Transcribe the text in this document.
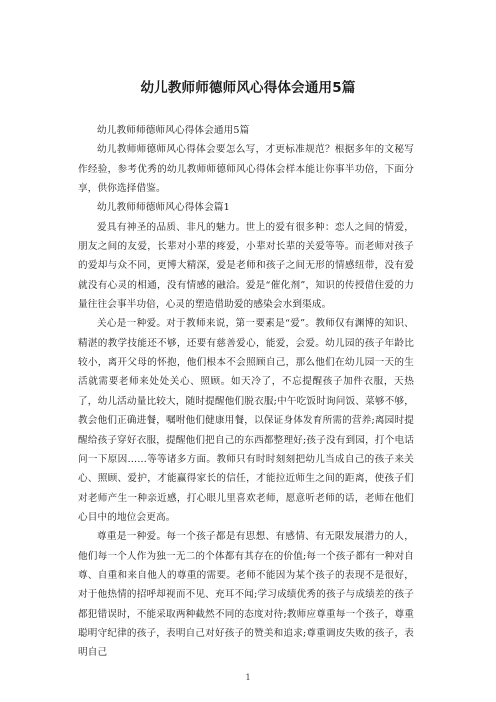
幼儿教师师德师风心得体会通用5篇

幼儿教师师德师风心得体会通用5篇

幼儿教师师德师风心得体会要怎么写，才更标准规范？根据多年的文秘写作经验，参考优秀的幼儿教师师德师风心得体会样本能让你事半功倍，下面分享，供你选择借鉴。

幼儿教师师德师风心得体会篇1

爱具有神圣的品质、非凡的魅力。世上的爱有很多种：恋人之间的情爱，朋友之间的友爱，长辈对小辈的疼爱，小辈对长辈的关爱等等。而老师对孩子的爱却与众不同，更博大精深，爱是老师和孩子之间无形的情感纽带，没有爱就没有心灵的相通，没有情感的融洽。爱是“催化剂”，知识的传授借住爱的力量往往会事半功倍，心灵的塑造借助爱的感染会水到渠成。

关心是一种爱。对于教师来说，第一要素是“爱”。教师仅有渊博的知识、精湛的教学技能还不够，还要有慈善爱心，能爱，会爱。幼儿园的孩子年龄比较小，离开父母的怀抱，他们根本不会照顾自己，那么他们在幼儿园一天的生活就需要老师来处处关心、照顾。如天冷了，不忘提醒孩子加件衣服，天热了，幼儿活动量比较大，随时提醒他们脱衣服;中午吃饭时询问饭、菜够不够，教会他们正确进餐，嘱咐他们健康用餐，以保证身体发育所需的营养;离园时提醒给孩子穿好衣服，提醒他们把自己的东西都整理好;孩子没有到园，打个电话问一下原因……等等诸多方面。教师只有时时刻刻把幼儿当成自己的孩子来关心、照顾、爱护，才能赢得家长的信任，才能拉近师生之间的距离，使孩子们对老师产生一种亲近感，打心眼儿里喜欢老师，愿意听老师的话，老师在他们心目中的地位会更高。

尊重是一种爱。每一个孩子都是有思想、有感情、有无限发展潜力的人，他们每一个人作为独一无二的个体都有其存在的价值;每一个孩子都有一种对自尊、自重和来自他人的尊重的需要。老师不能因为某个孩子的表现不是很好，对于他热情的招呼却视而不见、充耳不闻;学习成绩优秀的孩子与成绩差的孩子都犯错误时，不能采取两种截然不同的态度对待;教师应尊重每一个孩子，尊重聪明守纪律的孩子，表明自己对好孩子的赞美和追求;尊重调皮失败的孩子，表明自己

1
